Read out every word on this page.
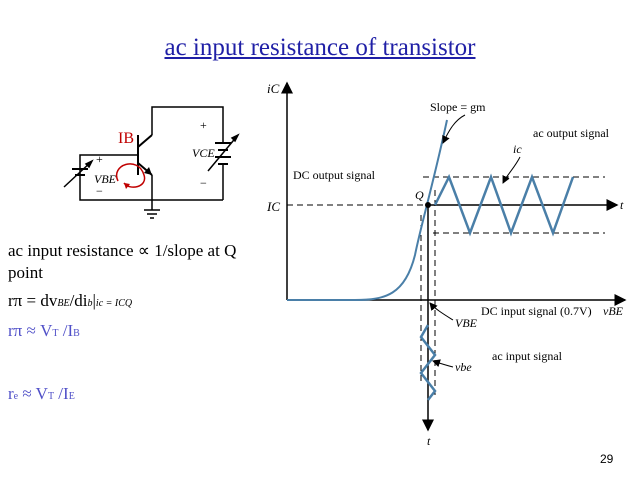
ac input resistance of transistor
+
VBE
−
+
VCE
−
IB
ac input resistance ∝ 1/slope at Q point
rπ = dvBE/dib|ic = ICQ
rπ ≈ VT /IB
re ≈ VT /IE
iC
vBE
t
t
IC
Q
Slope = gm
ic
VBE
vbe
DC output signal
ac output signal
DC input signal (0.7V)
ac input signal
29
